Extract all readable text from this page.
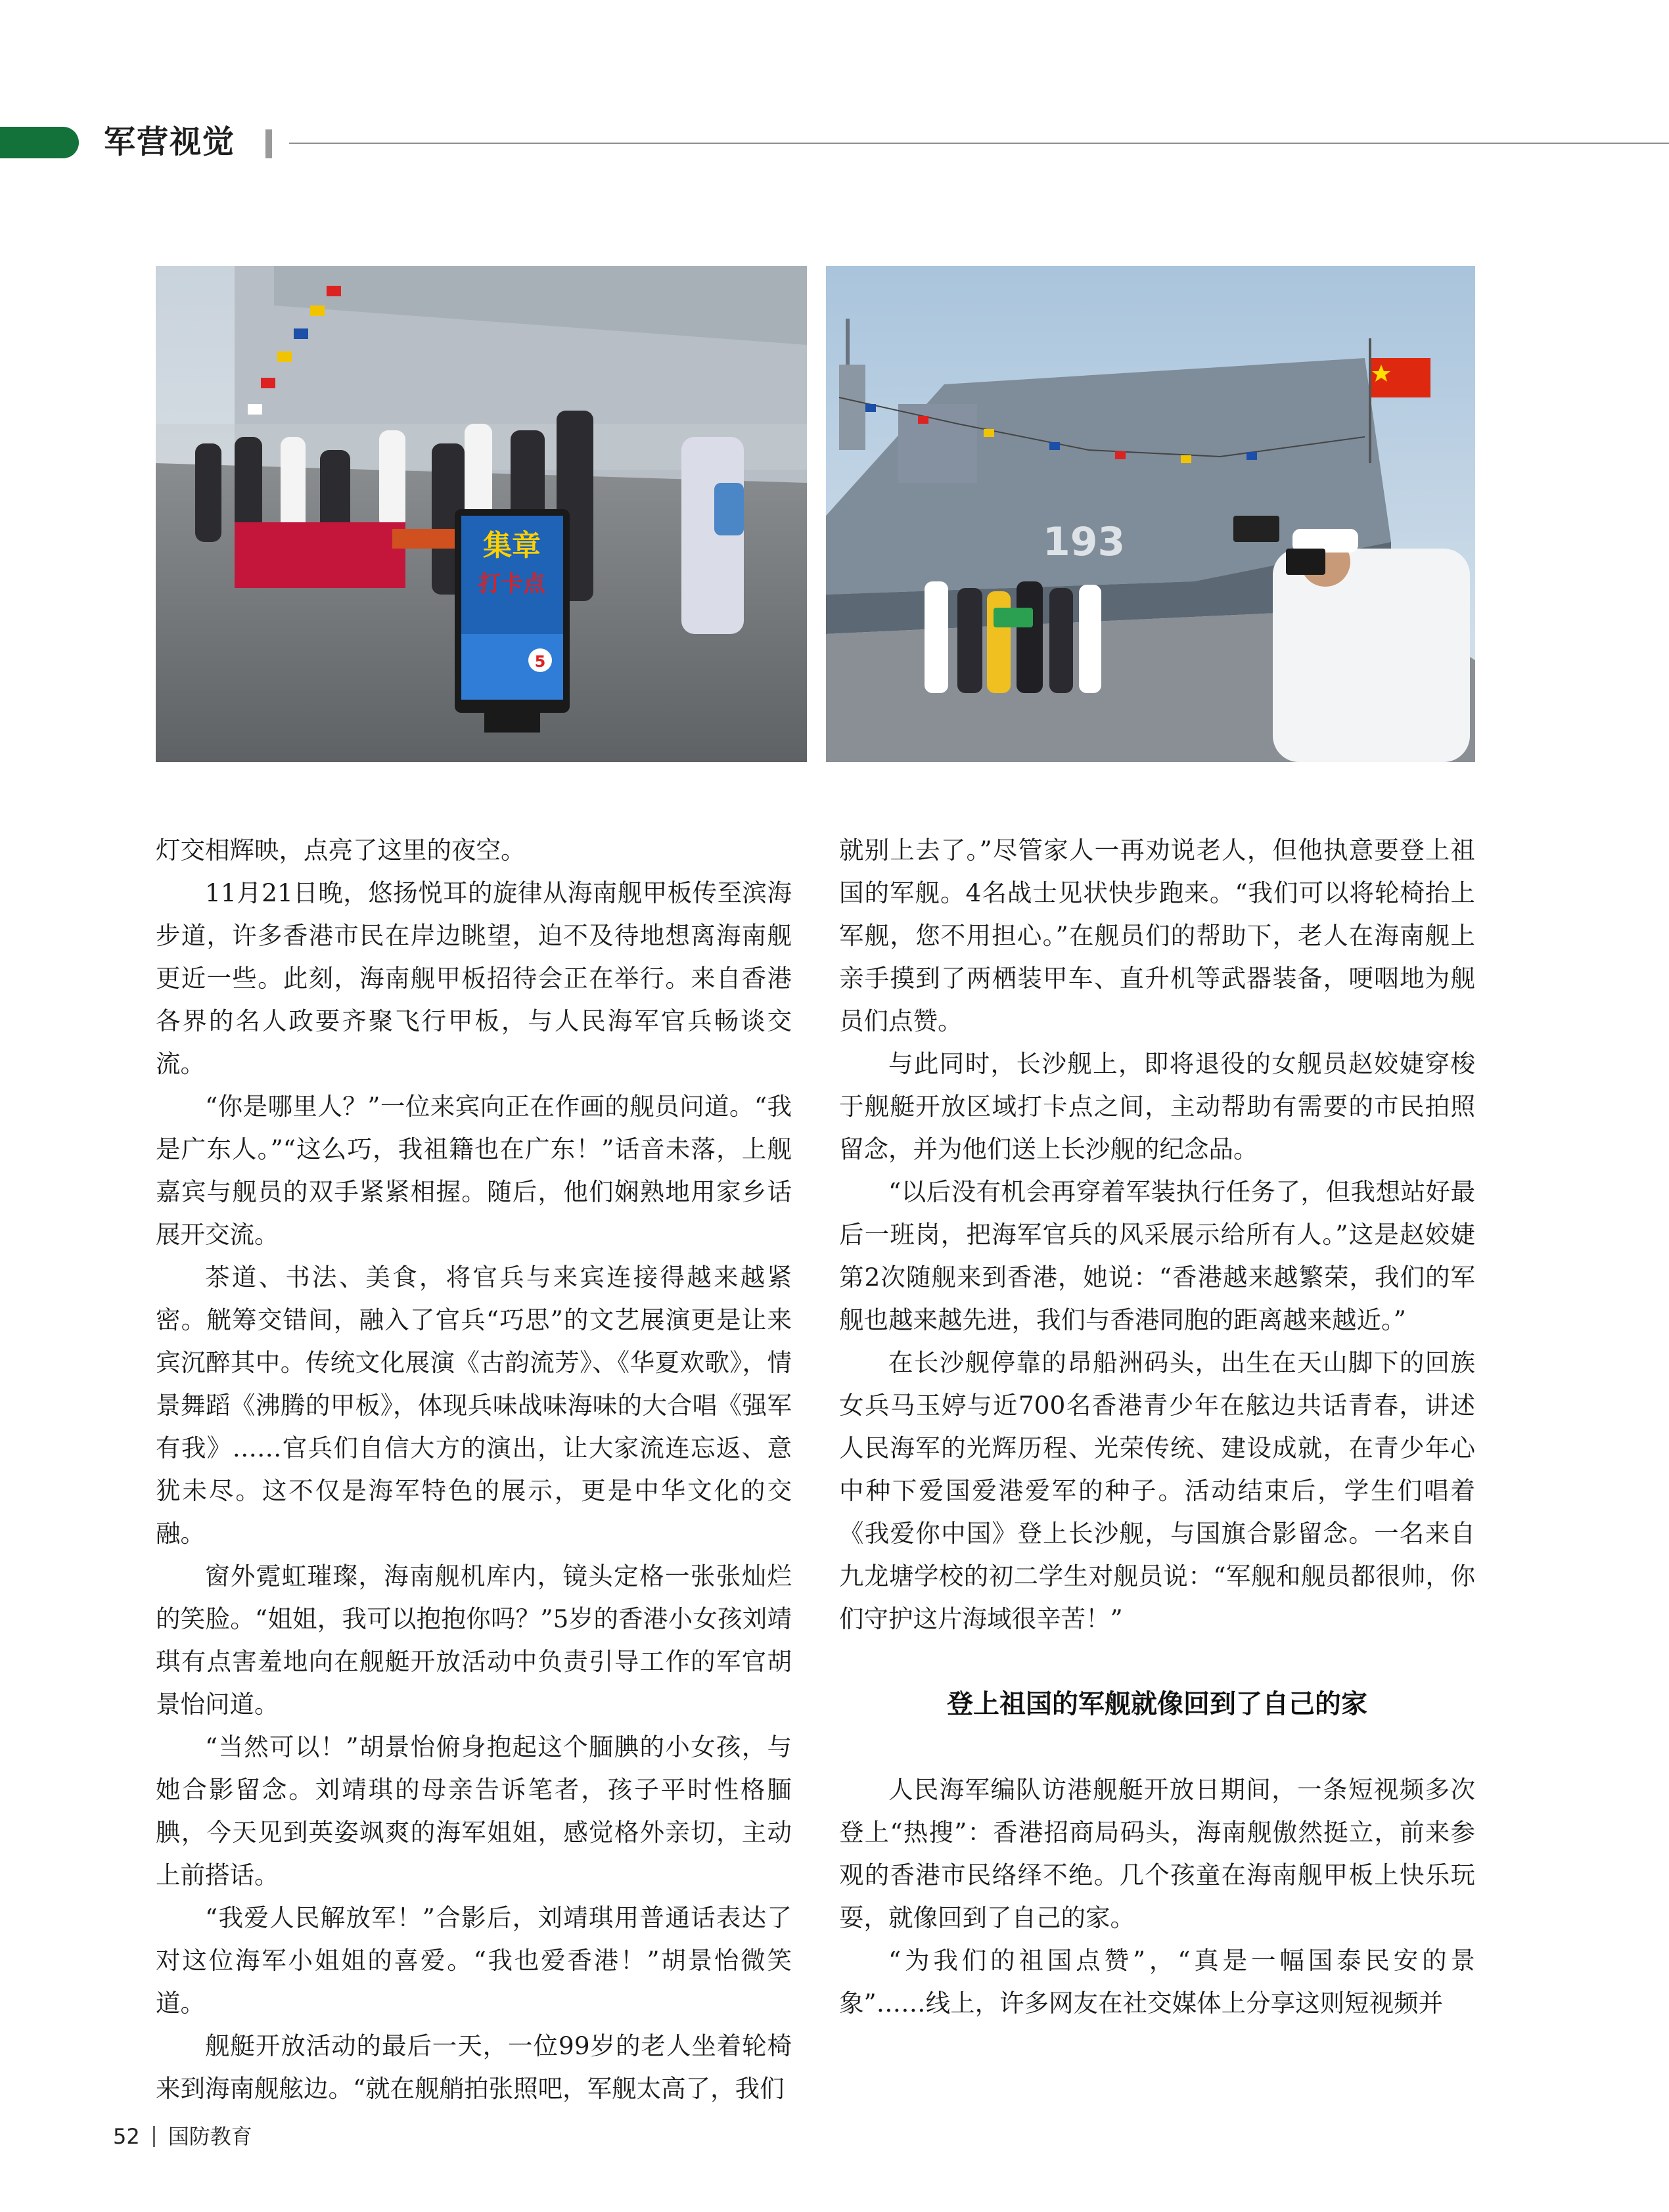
军营视觉
集章
打卡点
5
193

灯交相辉映，点亮了这里的夜空。

11月21日晚，悠扬悦耳的旋律从海南舰甲板传至滨海步道，许多香港市民在岸边眺望，迫不及待地想离海南舰更近一些。此刻，海南舰甲板招待会正在举行。来自香港各界的名人政要齐聚飞行甲板，与人民海军官兵畅谈交流。

“你是哪里人？”一位来宾向正在作画的舰员问道。“我是广东人。”“这么巧，我祖籍也在广东！”话音未落，上舰嘉宾与舰员的双手紧紧相握。随后，他们娴熟地用家乡话展开交流。

茶道、书法、美食，将官兵与来宾连接得越来越紧密。觥筹交错间，融入了官兵“巧思”的文艺展演更是让来宾沉醉其中。传统文化展演《古韵流芳》、《华夏欢歌》，情景舞蹈《沸腾的甲板》，体现兵味战味海味的大合唱《强军有我》……官兵们自信大方的演出，让大家流连忘返、意犹未尽。这不仅是海军特色的展示，更是中华文化的交融。

窗外霓虹璀璨，海南舰机库内，镜头定格一张张灿烂的笑脸。“姐姐，我可以抱抱你吗？”5岁的香港小女孩刘靖琪有点害羞地向在舰艇开放活动中负责引导工作的军官胡景怡问道。

“当然可以！”胡景怡俯身抱起这个腼腆的小女孩，与她合影留念。刘靖琪的母亲告诉笔者，孩子平时性格腼腆，今天见到英姿飒爽的海军姐姐，感觉格外亲切，主动上前搭话。

“我爱人民解放军！”合影后，刘靖琪用普通话表达了对这位海军小姐姐的喜爱。“我也爱香港！”胡景怡微笑道。

舰艇开放活动的最后一天，一位99岁的老人坐着轮椅来到海南舰舷边。“就在舰艄拍张照吧，军舰太高了，我们

就别上去了。”尽管家人一再劝说老人，但他执意要登上祖国的军舰。4名战士见状快步跑来。“我们可以将轮椅抬上军舰，您不用担心。”在舰员们的帮助下，老人在海南舰上亲手摸到了两栖装甲车、直升机等武器装备，哽咽地为舰员们点赞。

与此同时，长沙舰上，即将退役的女舰员赵姣婕穿梭于舰艇开放区域打卡点之间，主动帮助有需要的市民拍照留念，并为他们送上长沙舰的纪念品。

“以后没有机会再穿着军装执行任务了，但我想站好最后一班岗，把海军官兵的风采展示给所有人。”这是赵姣婕第2次随舰来到香港，她说：“香港越来越繁荣，我们的军舰也越来越先进，我们与香港同胞的距离越来越近。”

在长沙舰停靠的昂船洲码头，出生在天山脚下的回族女兵马玉婷与近700名香港青少年在舷边共话青春，讲述人民海军的光辉历程、光荣传统、建设成就，在青少年心中种下爱国爱港爱军的种子。活动结束后，学生们唱着《我爱你中国》登上长沙舰，与国旗合影留念。一名来自九龙塘学校的初二学生对舰员说：“军舰和舰员都很帅，你们守护这片海域很辛苦！”

登上祖国的军舰就像回到了自己的家

人民海军编队访港舰艇开放日期间，一条短视频多次登上“热搜”：香港招商局码头，海南舰傲然挺立，前来参观的香港市民络绎不绝。几个孩童在海南舰甲板上快乐玩耍，就像回到了自己的家。

“为我们的祖国点赞”，“真是一幅国泰民安的景象”……线上，许多网友在社交媒体上分享这则短视频并

52 国防教育
